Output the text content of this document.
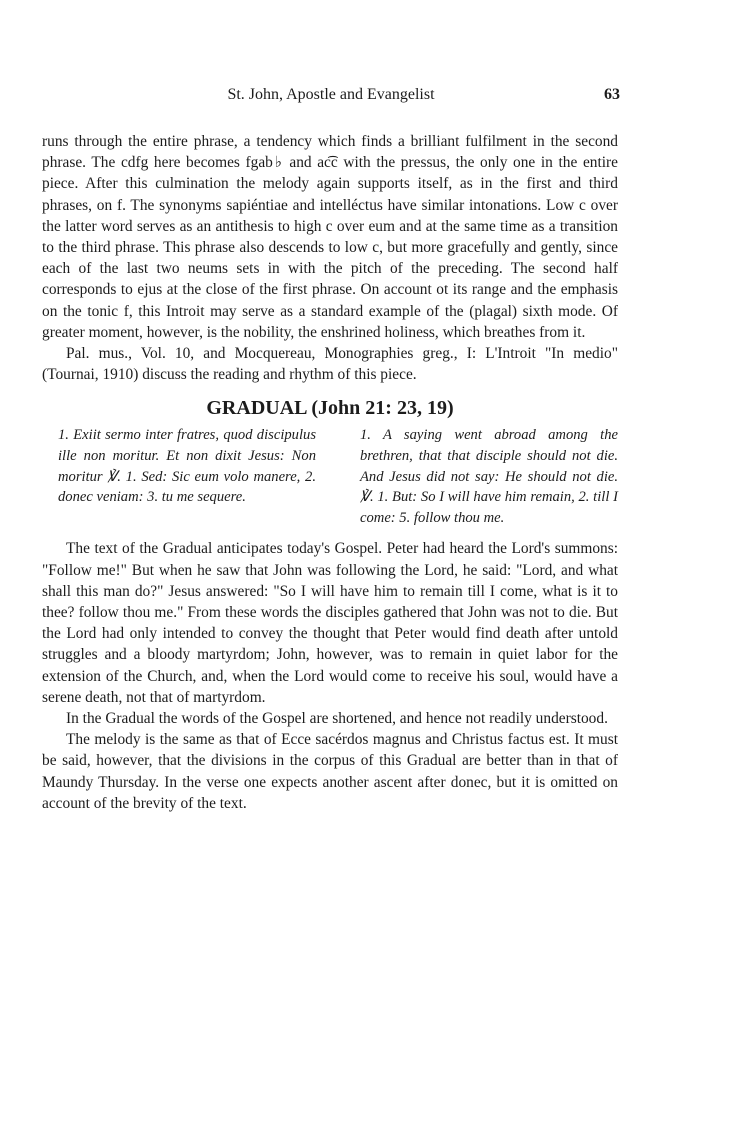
St. John, Apostle and Evangelist	63

runs through the entire phrase, a tendency which finds a brilliant fulfilment in the second phrase. The cdfg here becomes fgab♭ and ac͡c with the pressus, the only one in the entire piece. After this culmination the melody again supports itself, as in the first and third phrases, on f. The synonyms sapiéntiae and intelléctus have similar intonations. Low c over the latter word serves as an antithesis to high c over eum and at the same time as a transition to the third phrase. This phrase also descends to low c, but more gracefully and gently, since each of the last two neums sets in with the pitch of the preceding. The second half corresponds to ejus at the close of the first phrase. On account ot its range and the emphasis on the tonic f, this Introit may serve as a standard example of the (plagal) sixth mode. Of greater moment, however, is the nobility, the enshrined holiness, which breathes from it.

Pal. mus., Vol. 10, and Mocquereau, Monographies greg., I: L'Introit "In medio" (Tournai, 1910) discuss the reading and rhythm of this piece.

GRADUAL (John 21: 23, 19)
1. Exiit sermo inter fratres, quod discipulus ille non moritur. Et non dixit Jesus: Non moritur ℣. 1. Sed: Sic eum volo manere, 2. donec veniam: 3. tu me sequere.
1. A saying went abroad among the brethren, that that disciple should not die. And Jesus did not say: He should not die. ℣. 1. But: So I will have him remain, 2. till I come: 5. follow thou me.

The text of the Gradual anticipates today's Gospel. Peter had heard the Lord's summons: "Follow me!" But when he saw that John was following the Lord, he said: "Lord, and what shall this man do?" Jesus answered: "So I will have him to remain till I come, what is it to thee? follow thou me." From these words the disciples gathered that John was not to die. But the Lord had only intended to convey the thought that Peter would find death after untold struggles and a bloody martyrdom; John, however, was to remain in quiet labor for the extension of the Church, and, when the Lord would come to receive his soul, would have a serene death, not that of martyrdom.

In the Gradual the words of the Gospel are shortened, and hence not readily understood.

The melody is the same as that of Ecce sacérdos magnus and Christus factus est. It must be said, however, that the divisions in the corpus of this Gradual are better than in that of Maundy Thursday. In the verse one expects another ascent after donec, but it is omitted on account of the brevity of the text.
